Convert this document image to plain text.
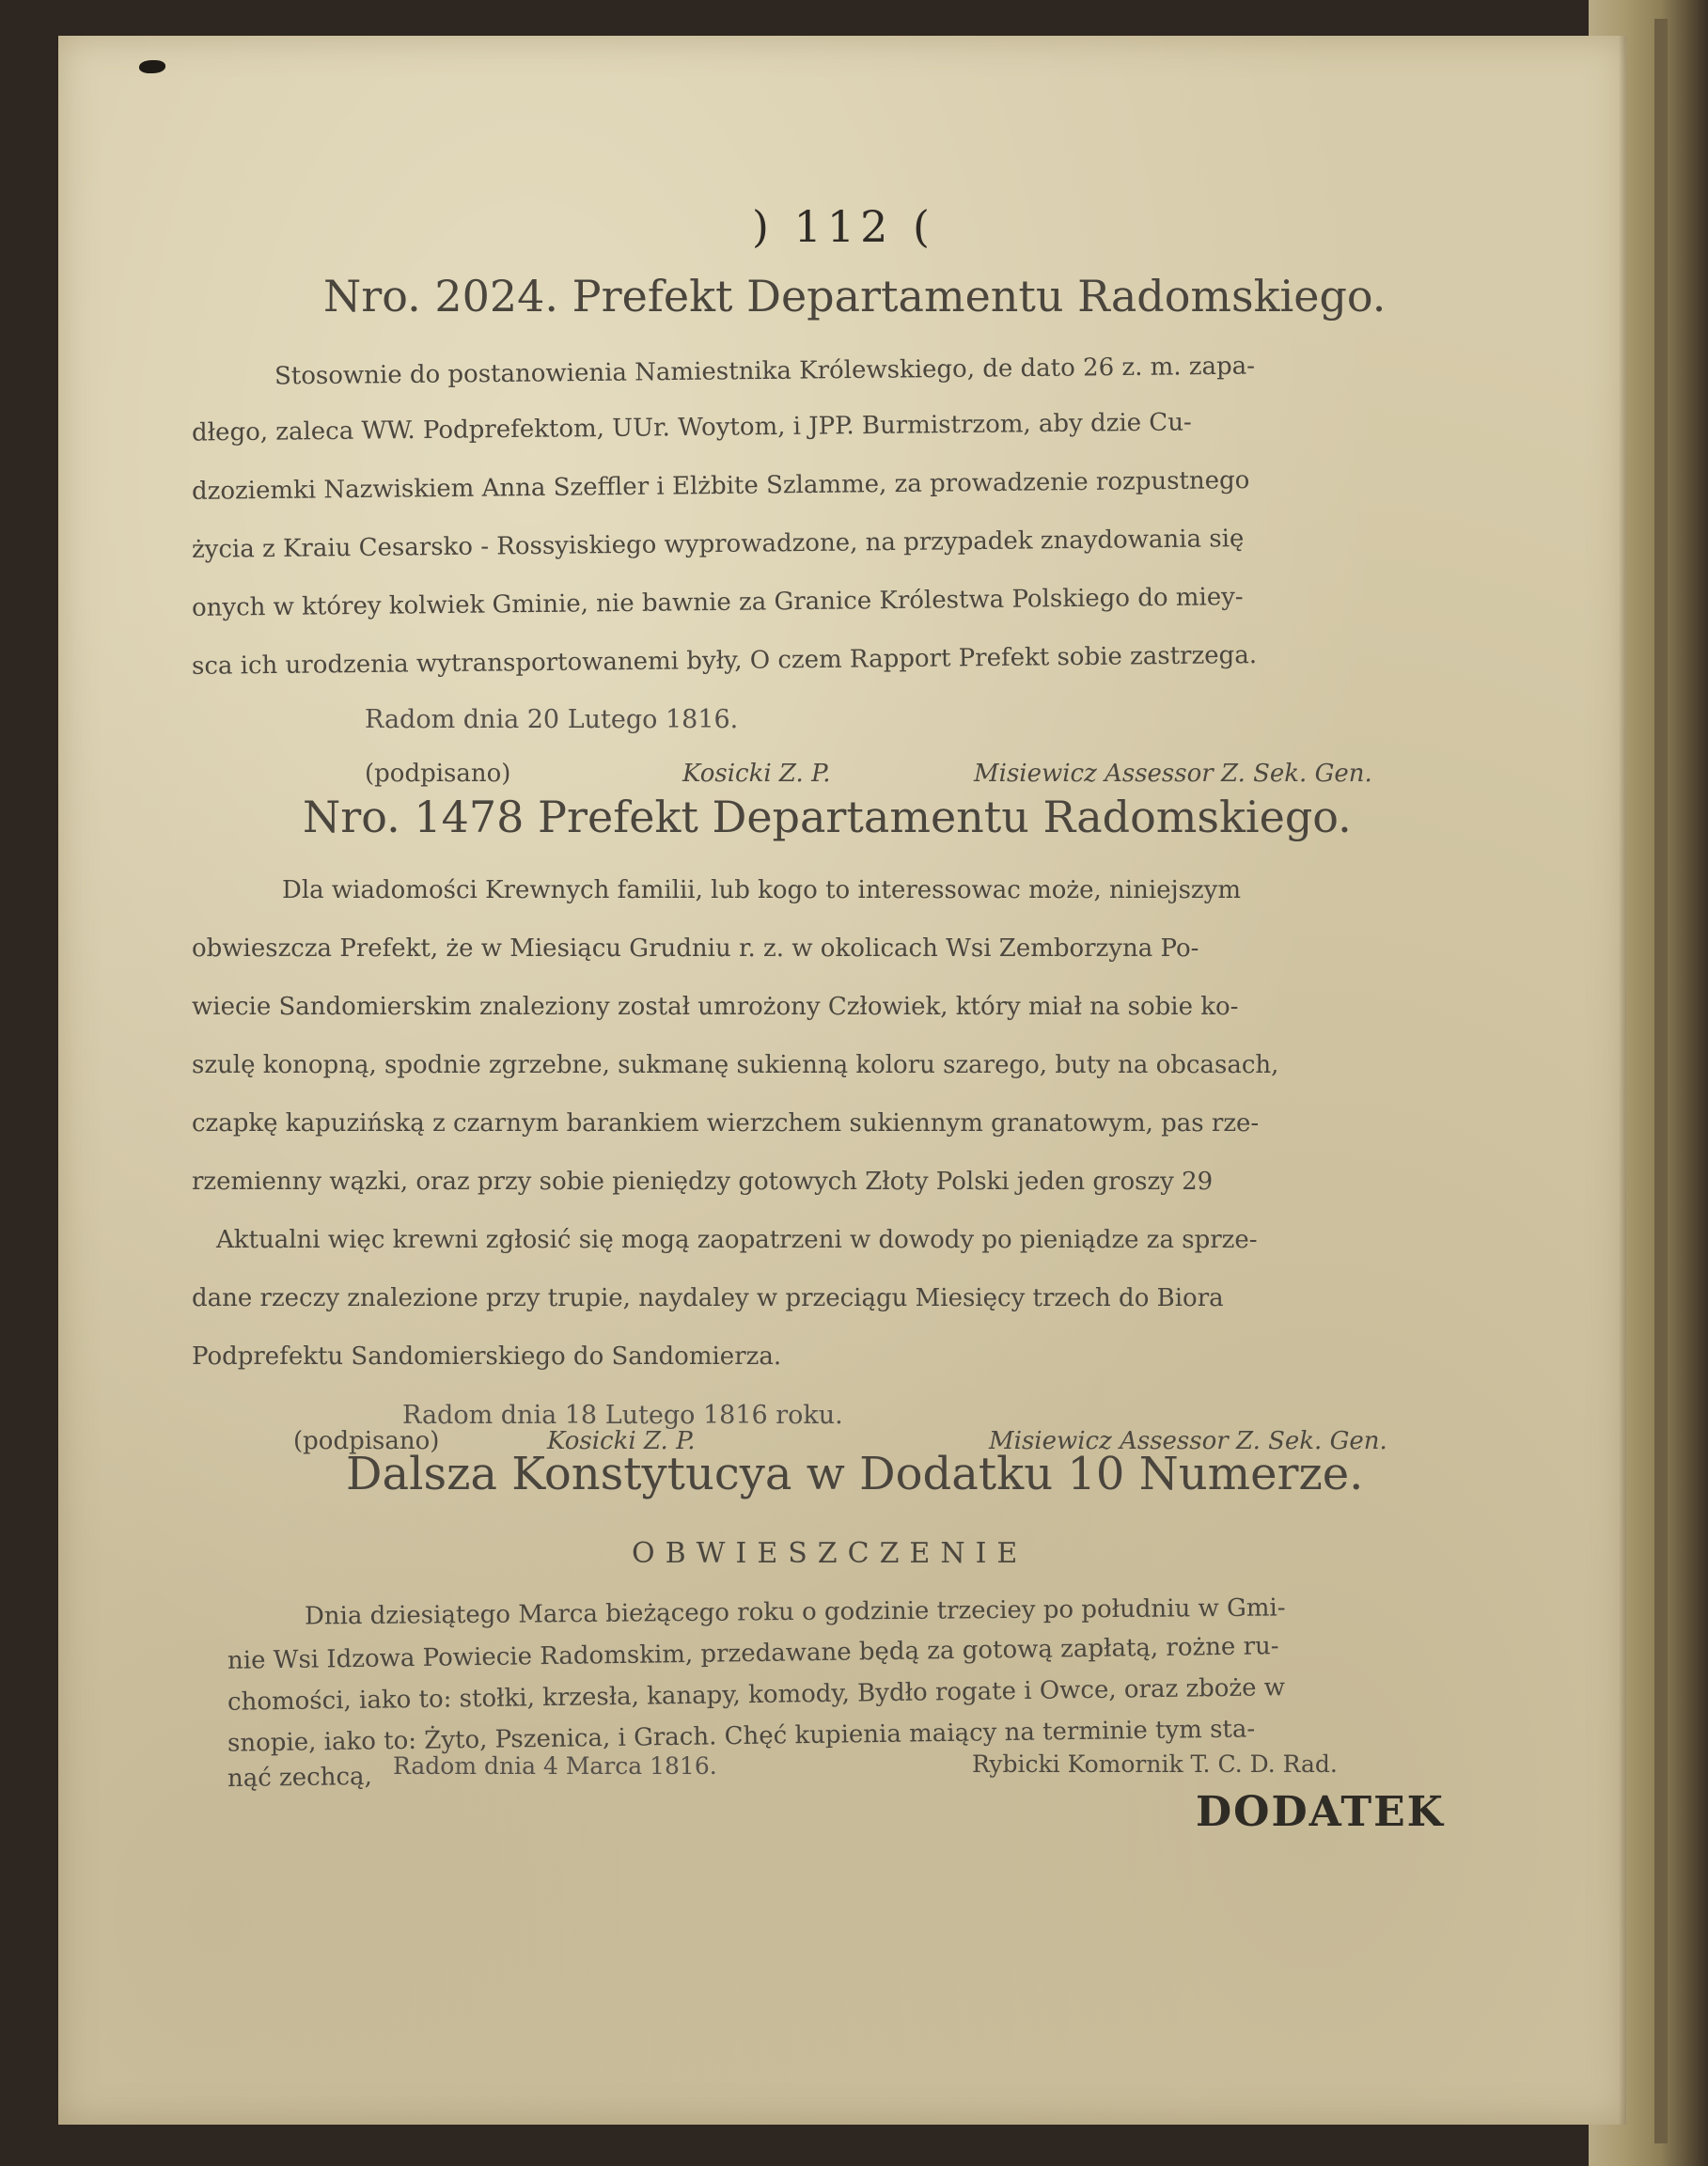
) 112 (
Nro. 2024. Prefekt Departamentu Radomskiego.
Stosownie do postanowienia Namiestnika Królewskiego, de dato 26 z. m. zapa-
dłego, zaleca WW. Podprefektom, UUr. Woytom, i JPP. Burmistrzom, aby dzie Cu-
dzoziemki Nazwiskiem Anna Szeffler i Elżbite Szlamme, za prowadzenie rozpustnego
życia z Kraiu Cesarsko - Rossyiskiego wyprowadzone, na przypadek znaydowania się
onych w którey kolwiek Gminie, nie bawnie za Granice Królestwa Polskiego do miey-
sca ich urodzenia wytransportowanemi były, O czem Rapport Prefekt sobie zastrzega.
Radom dnia 20 Lutego 1816.
(podpisano)	Kosicki Z. P.	Misiewicz Assessor Z. Sek. Gen.
Nro. 1478 Prefekt Departamentu Radomskiego.
Dla wiadomości Krewnych familii, lub kogo to interessowac może, niniejszym
obwieszcza Prefekt, że w Miesiącu Grudniu r. z. w okolicach Wsi Zemborzyna Po-
wiecie Sandomierskim znaleziony został umrożony Człowiek, który miał na sobie ko-
szulę konopną, spodnie zgrzebne, sukmanę sukienną koloru szarego, buty na obcasach,
czapkę kapuzińską z czarnym barankiem wierzchem sukiennym granatowym, pas rze-
rzemienny wązki, oraz przy sobie pieniędzy gotowych Złoty Polski jeden groszy 29
Aktualni więc krewni zgłosić się mogą zaopatrzeni w dowody po pieniądze za sprze-
dane rzeczy znalezione przy trupie, naydaley w przeciągu Miesięcy trzech do Biora
Podprefektu Sandomierskiego do Sandomierza.
Radom dnia 18 Lutego 1816 roku.
Dalsza Konstytucya w Dodatku 10 Numerze.
(podpisano)	Kosicki Z. P.	Misiewicz Assessor Z. Sek. Gen.
OBWIESZCZENIE
Dnia dziesiątego Marca bieżącego roku o godzinie trzeciey po południu w Gmi-
nie Wsi Idzowa Powiecie Radomskim, przedawane będą za gotową zapłatą, rożne ru-
chomości, iako to: stołki, krzesła, kanapy, komody, Bydło rogate i Owce, oraz zboże w
snopie, iako to: Żyto, Pszenica, i Grach. Chęć kupienia maiący na terminie tym sta-
nąć zechcą, Radom dnia 4 Marca 1816.	Rybicki Komornik T. C. D. Rad.
DODATEK
